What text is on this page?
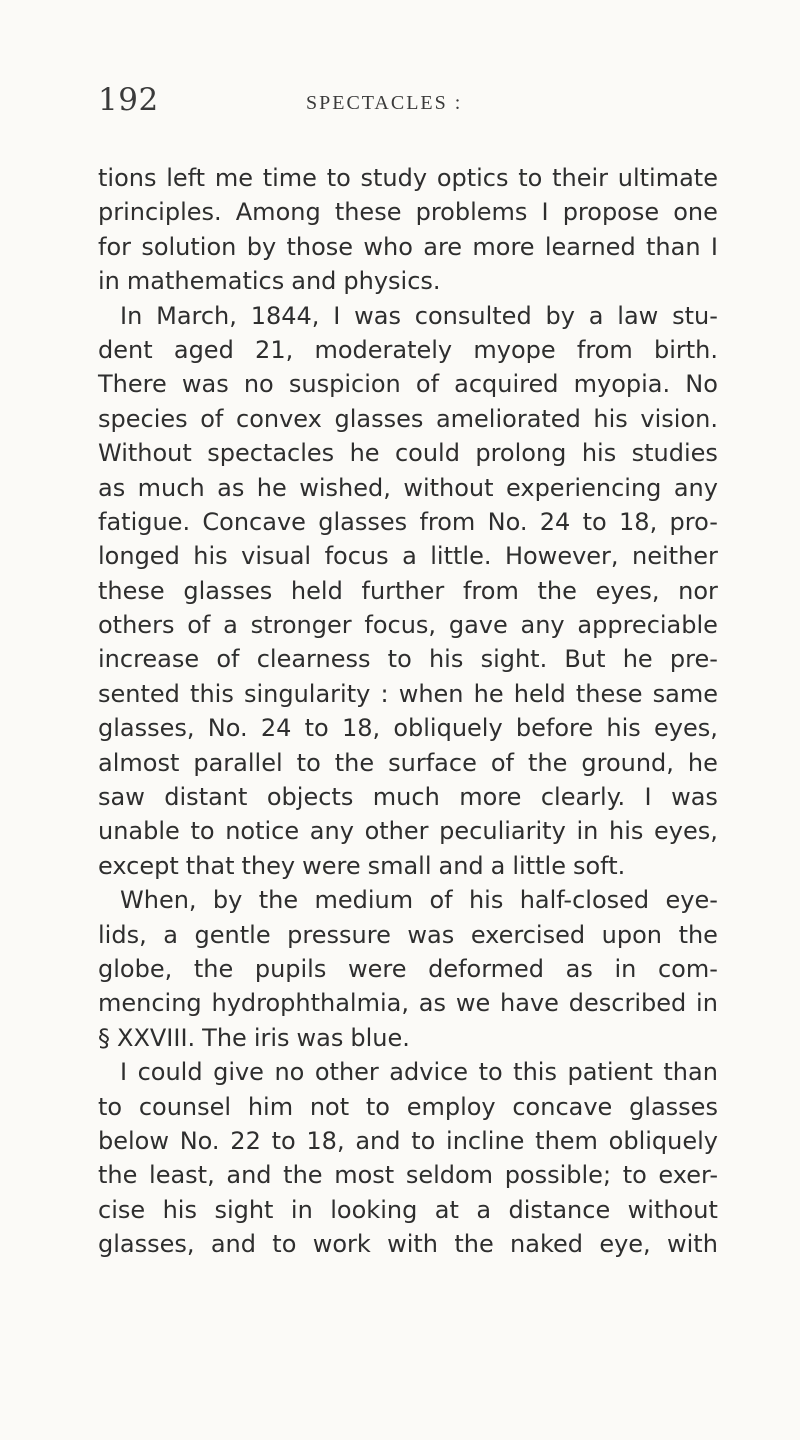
192	SPECTACLES :
tions left me time to study optics to their ultimate
principles. Among these problems I propose one
for solution by those who are more learned than I
in mathematics and physics.
In March, 1844, I was consulted by a law stu-
dent aged 21, moderately myope from birth.
There was no suspicion of acquired myopia. No
species of convex glasses ameliorated his vision.
Without spectacles he could prolong his studies
as much as he wished, without experiencing any
fatigue. Concave glasses from No. 24 to 18, pro-
longed his visual focus a little. However, neither
these glasses held further from the eyes, nor
others of a stronger focus, gave any appreciable
increase of clearness to his sight. But he pre-
sented this singularity : when he held these same
glasses, No. 24 to 18, obliquely before his eyes,
almost parallel to the surface of the ground, he
saw distant objects much more clearly. I was
unable to notice any other peculiarity in his eyes,
except that they were small and a little soft.
When, by the medium of his half-closed eye-
lids, a gentle pressure was exercised upon the
globe, the pupils were deformed as in com-
mencing hydrophthalmia, as we have described in
§ XXVIII. The iris was blue.
I could give no other advice to this patient than
to counsel him not to employ concave glasses
below No. 22 to 18, and to incline them obliquely
the least, and the most seldom possible; to exer-
cise his sight in looking at a distance without
glasses, and to work with the naked eye, with
